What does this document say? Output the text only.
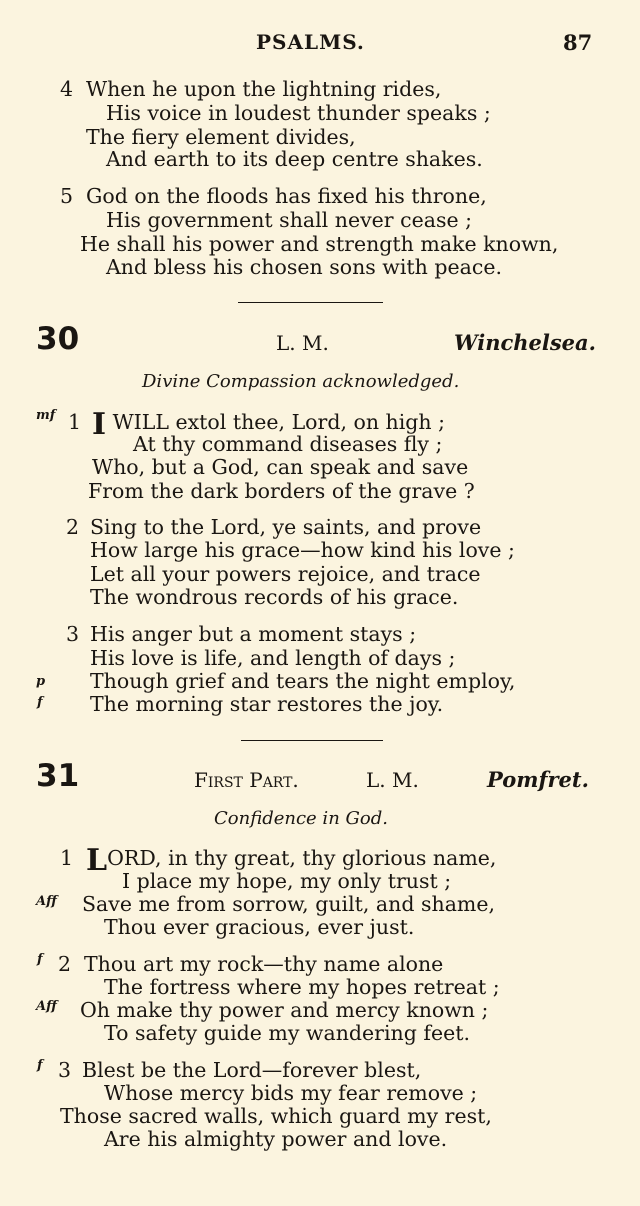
PSALMS.	87
4 When he upon the lightning rides,
His voice in loudest thunder speaks ;
The fiery element divides,
And earth to its deep centre shakes.
5 God on the floods has fixed his throne,
His government shall never cease ;
He shall his power and strength make known,
And bless his chosen sons with peace.
30	L. M.	Winchelsea.
Divine Compassion acknowledged.
mf 1 I WILL extol thee, Lord, on high ;
At thy command diseases fly ;
Who, but a God, can speak and save
From the dark borders of the grave ?
2 Sing to the Lord, ye saints, and prove
How large his grace—how kind his love ;
Let all your powers rejoice, and trace
The wondrous records of his grace.
3 His anger but a moment stays ;
His love is life, and length of days ;
p Though grief and tears the night employ,
f The morning star restores the joy.
31	First Part.	L. M.	Pomfret.
Confidence in God.
1 LORD, in thy great, thy glorious name,
I place my hope, my only trust ;
Aff Save me from sorrow, guilt, and shame,
Thou ever gracious, ever just.
f 2 Thou art my rock—thy name alone
The fortress where my hopes retreat ;
Aff Oh make thy power and mercy known ;
To safety guide my wandering feet.
f 3 Blest be the Lord—forever blest,
Whose mercy bids my fear remove ;
Those sacred walls, which guard my rest,
Are his almighty power and love.
